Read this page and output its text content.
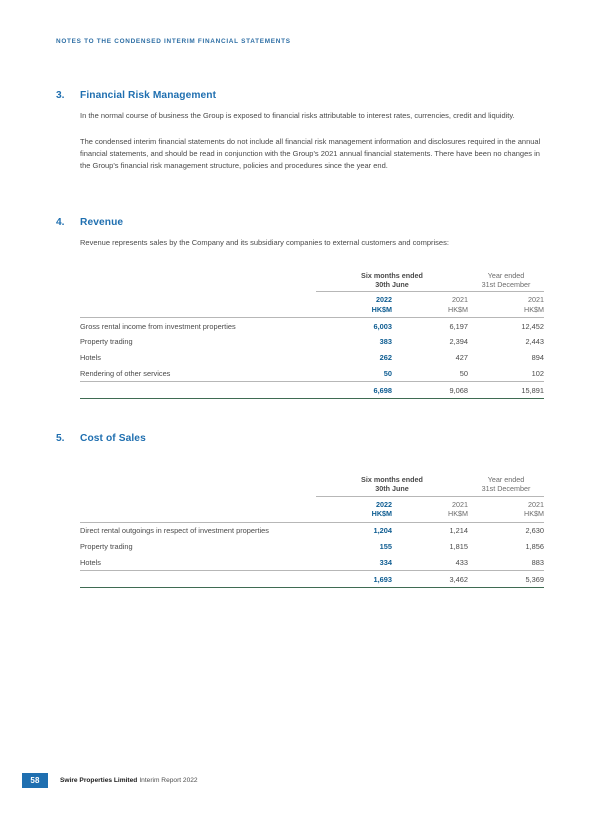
NOTES TO THE CONDENSED INTERIM FINANCIAL STATEMENTS
3.	Financial Risk Management

In the normal course of business the Group is exposed to financial risks attributable to interest rates, currencies, credit and liquidity.

The condensed interim financial statements do not include all financial risk management information and disclosures required in the annual financial statements, and should be read in conjunction with the Group's 2021 annual financial statements. There have been no changes in the Group's financial risk management structure, policies and procedures since the year end.

4.	Revenue

Revenue represents sales by the Company and its subsidiary companies to external customers and comprises:

	Six months ended
30th June		Year ended
31st December

	2022
HK$M	2021
HK$M	2021
HK$M

Gross rental income from investment properties	6,003	6,197	12,452
Property trading	383	2,394	2,443
Hotels	262	427	894
Rendering of other services	50	50	102

	6,698	9,068	15,891

5.	Cost of Sales
	Six months ended
30th June		Year ended
31st December

	2022
HK$M	2021
HK$M	2021
HK$M

Direct rental outgoings in respect of investment properties	1,204	1,214	2,630
Property trading	155	1,815	1,856
Hotels	334	433	883

	1,693	3,462	5,369

58	Swire Properties Limited Interim Report 2022
